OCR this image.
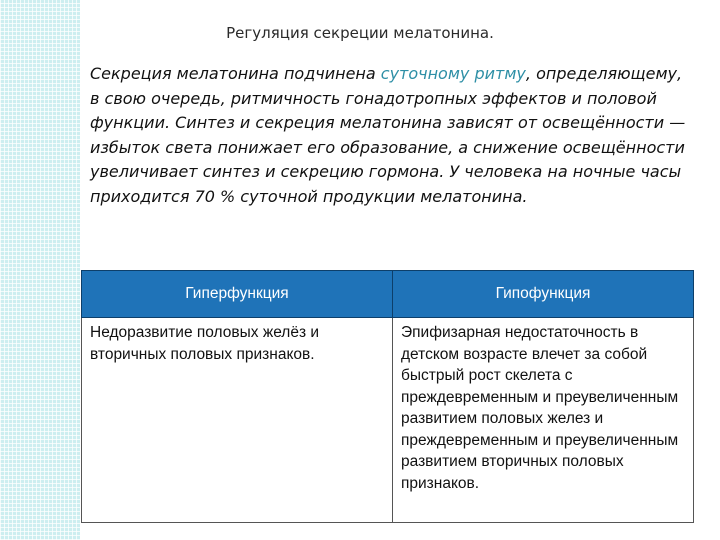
Регуляция секреции мелатонина.
Секреция мелатонина подчинена суточному ритму, определяющему, в свою очередь, ритмичность гонадотропных эффектов и половой функции. Синтез и секреция мелатонина зависят от освещённости — избыток света понижает его образование, а снижение освещённости увеличивает синтез и секрецию гормона. У человека на ночные часы приходится 70 % суточной продукции мелатонина.
Гиперфункция	Гипофункция
Недоразвитие половых желёз и вторичных половых признаков.	Эпифизарная недостаточность в детском возрасте влечет за собой быстрый рост скелета с преждевременным и преувеличенным развитием половых желез и преждевременным и преувеличенным развитием вторичных половых признаков.
